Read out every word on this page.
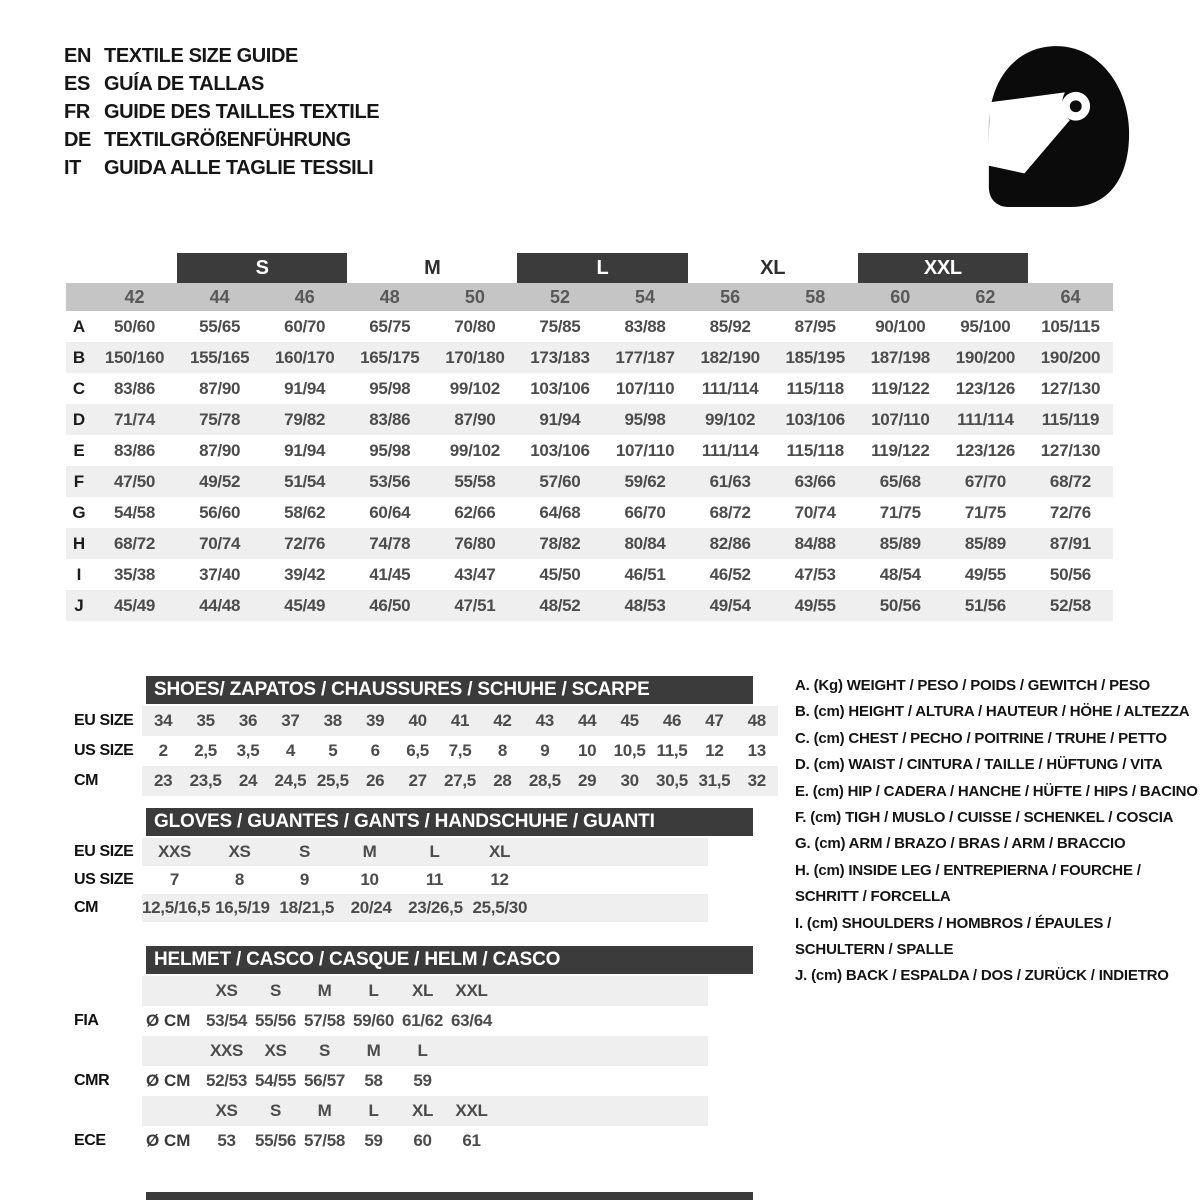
EN TEXTILE SIZE GUIDE
ES GUÍA DE TALLAS
FR GUIDE DES TAILLES TEXTILE
DE TEXTILGRÖßENFÜHRUNG
IT	GUIDA ALLE TAGLIE TESSILI
S	M	L	XL	XXL
42	44	46	48	50	52	54	56	58	60	62	64
A	50/60	55/65	60/70	65/75	70/80	75/85	83/88	85/92	87/95	90/100	95/100	105/115
B	150/160	155/165	160/170	165/175	170/180	173/183	177/187	182/190	185/195	187/198	190/200	190/200
C	83/86	87/90	91/94	95/98	99/102	103/106	107/110	111/114	115/118	119/122	123/126	127/130
D	71/74	75/78	79/82	83/86	87/90	91/94	95/98	99/102	103/106	107/110	111/114	115/119
E	83/86	87/90	91/94	95/98	99/102	103/106	107/110	111/114	115/118	119/122	123/126	127/130
F	47/50	49/52	51/54	53/56	55/58	57/60	59/62	61/63	63/66	65/68	67/70	68/72
G	54/58	56/60	58/62	60/64	62/66	64/68	66/70	68/72	70/74	71/75	71/75	72/76
H	68/72	70/74	72/76	74/78	76/80	78/82	80/84	82/86	84/88	85/89	85/89	87/91
I	35/38	37/40	39/42	41/45	43/47	45/50	46/51	46/52	47/53	48/54	49/55	50/56
J	45/49	44/48	45/49	46/50	47/51	48/52	48/53	49/54	49/55	50/56	51/56	52/58
SHOES/ ZAPATOS / CHAUSSURES / SCHUHE / SCARPE
EU SIZE	34	35	36	37	38	39	40	41	42	43	44	45	46	47	48
US SIZE	2	2,5	3,5	4	5	6	6,5	7,5	8	9	10	10,5 11,5	12	13
CM	23	23,5	24	24,5 25,5	26	27	27,5	28	28,5	29	30	30,5 31,5	32
GLOVES / GUANTES / GANTS / HANDSCHUHE / GUANTI
EU SIZE	XXS	XS	S	M	L	XL
US SIZE	7	8	9	10	11	12
CM	12,5/16,5 16,5/19 18/21,5 20/24 23/26,5 25,5/30
HELMET / CASCO / CASQUE / HELM / CASCO
XS	S	M	L	XL	XXL
FIA	Ø CM 53/54 55/56 57/58 59/60 61/62 63/64
XXS	XS	S	M	L
CMR Ø CM 52/53 54/55 56/57	58	59
XS	S	M	L	XL	XXL
ECE Ø CM	53	55/56 57/58	59	60	61
A. (Kg) WEIGHT / PESO / POIDS / GEWITCH / PESO
B. (cm) HEIGHT / ALTURA / HAUTEUR / HÖHE / ALTEZZA
C. (cm) CHEST / PECHO / POITRINE / TRUHE / PETTO
D. (cm) WAIST / CINTURA / TAILLE / HÜFTUNG / VITA
E. (cm) HIP / CADERA / HANCHE / HÜFTE / HIPS / BACINO
F. (cm) TIGH / MUSLO / CUISSE / SCHENKEL / COSCIA
G. (cm) ARM / BRAZO / BRAS / ARM / BRACCIO
H. (cm) INSIDE LEG / ENTREPIERNA / FOURCHE /
SCHRITT / FORCELLA
I. (cm) SHOULDERS / HOMBROS / ÉPAULES /
SCHULTERN / SPALLE
J. (cm) BACK / ESPALDA / DOS / ZURÜCK / INDIETRO
